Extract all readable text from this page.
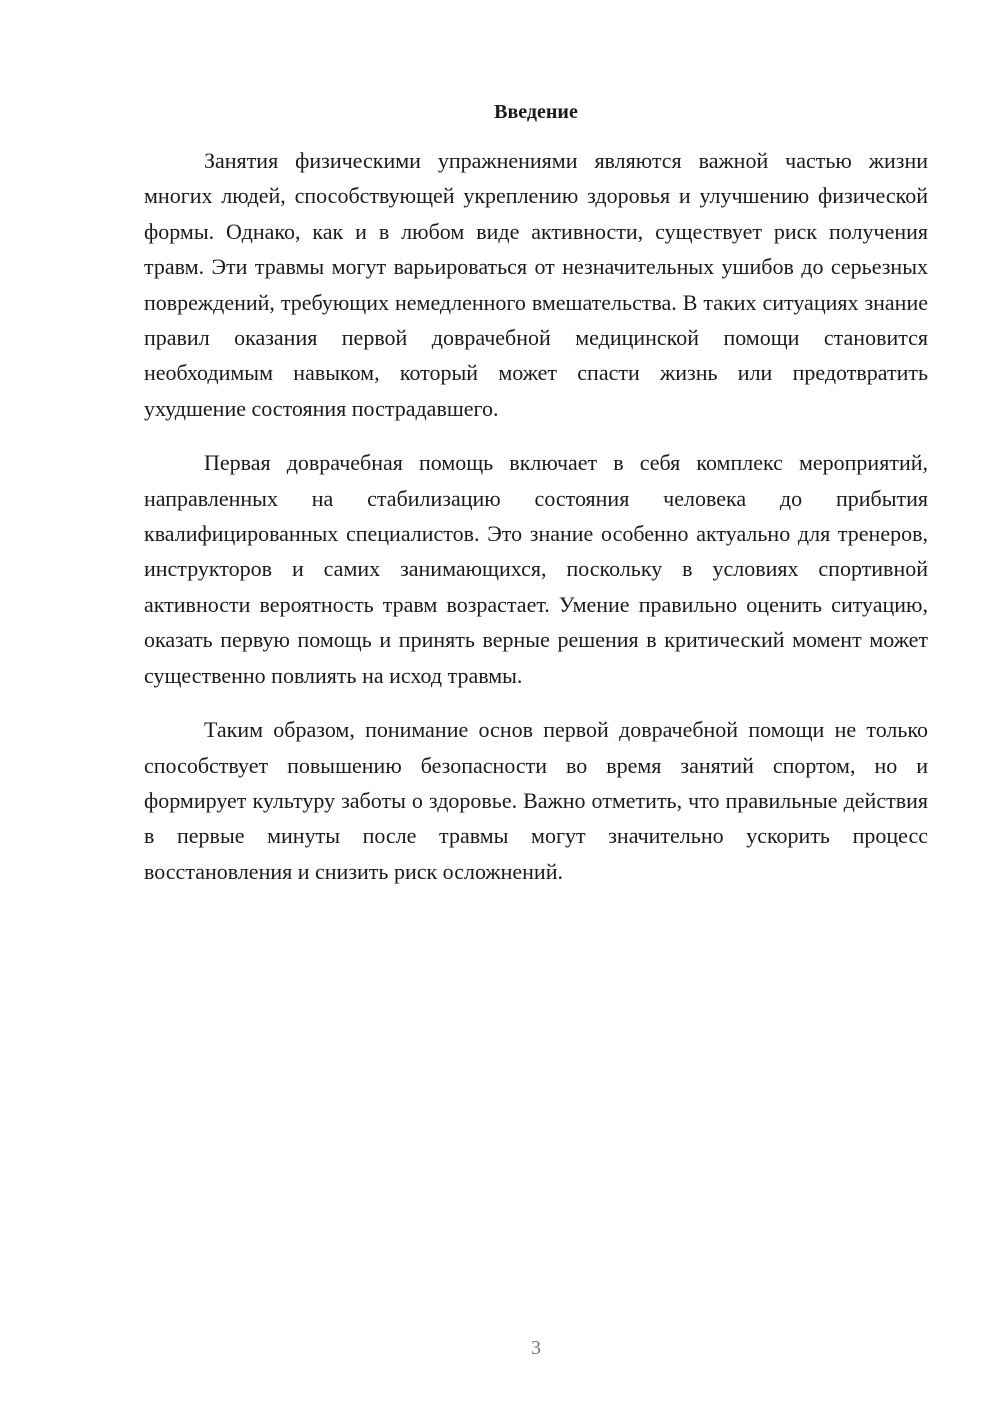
Введение

Занятия физическими упражнениями являются важной частью жизни многих людей, способствующей укреплению здоровья и улучшению физической формы. Однако, как и в любом виде активности, существует риск получения травм. Эти травмы могут варьироваться от незначительных ушибов до серьезных повреждений, требующих немедленного вмешательства. В таких ситуациях знание правил оказания первой доврачебной медицинской помощи становится необходимым навыком, который может спасти жизнь или предотвратить ухудшение состояния пострадавшего.

Первая доврачебная помощь включает в себя комплекс мероприятий, направленных на стабилизацию состояния человека до прибытия квалифицированных специалистов. Это знание особенно актуально для тренеров, инструкторов и самих занимающихся, поскольку в условиях спортивной активности вероятность травм возрастает. Умение правильно оценить ситуацию, оказать первую помощь и принять верные решения в критический момент может существенно повлиять на исход травмы.

Таким образом, понимание основ первой доврачебной помощи не только способствует повышению безопасности во время занятий спортом, но и формирует культуру заботы о здоровье. Важно отметить, что правильные действия в первые минуты после травмы могут значительно ускорить процесс восстановления и снизить риск осложнений.

3
